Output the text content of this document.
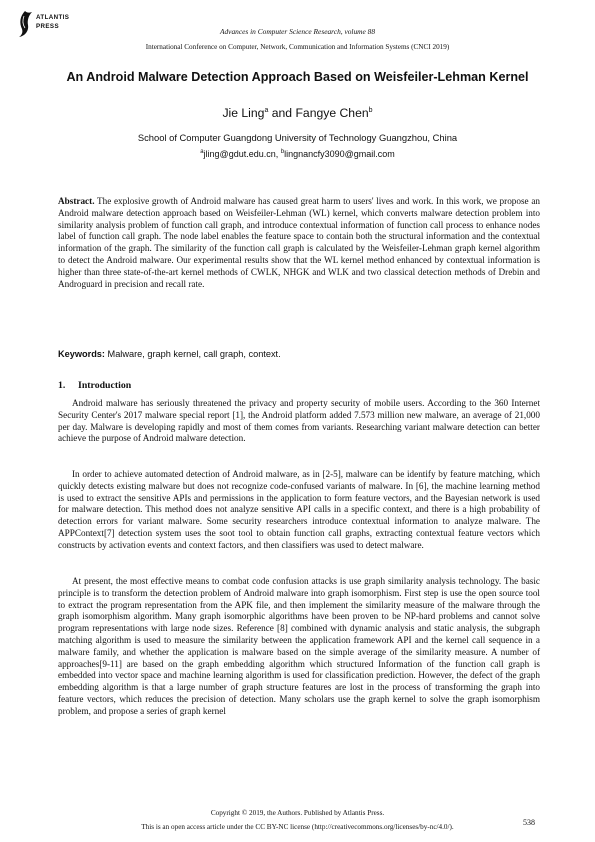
ATLANTIS
PRESS
Advances in Computer Science Research, volume 88
International Conference on Computer, Network, Communication and Information Systems (CNCI 2019)
An Android Malware Detection Approach Based on Weisfeiler-Lehman Kernel
Jie Ling$^a$ and Fangye Chen$^b$
School of Computer Guangdong University of Technology Guangzhou, China
$^a$jling@gdut.edu.cn, $^b$lingnancfy3090@gmail.com

Abstract. The explosive growth of Android malware has caused great harm to users' lives and work. In this work, we propose an Android malware detection approach based on Weisfeiler-Lehman (WL) kernel, which converts malware detection problem into similarity analysis problem of function call graph, and introduce contextual information of function call process to enhance nodes label of function call graph. The node label enables the feature space to contain both the structural information and the contextual information of the graph. The similarity of the function call graph is calculated by the Weisfeiler-Lehman graph kernel algorithm to detect the Android malware. Our experimental results show that the WL kernel method enhanced by contextual information is higher than three state-of-the-art kernel methods of CWLK, NHGK and WLK and two classical detection methods of Drebin and Androguard in precision and recall rate.

Keywords: Malware, graph kernel, call graph, context.
1. Introduction

Android malware has seriously threatened the privacy and property security of mobile users. According to the 360 Internet Security Center's 2017 malware special report [1], the Android platform added 7.573 million new malware, an average of 21,000 per day. Malware is developing rapidly and most of them comes from variants. Researching variant malware detection can better achieve the purpose of Android malware detection.

In order to achieve automated detection of Android malware, as in [2-5], malware can be identify by feature matching, which quickly detects existing malware but does not recognize code-confused variants of malware. In [6], the machine learning method is used to extract the sensitive APIs and permissions in the application to form feature vectors, and the Bayesian network is used for malware detection. This method does not analyze sensitive API calls in a specific context, and there is a high probability of detection errors for variant malware. Some security researchers introduce contextual information to analyze malware. The APPContext[7] detection system uses the soot tool to obtain function call graphs, extracting contextual feature vectors which constructs by activation events and context factors, and then classifiers was used to detect malware.

At present, the most effective means to combat code confusion attacks is use graph similarity analysis technology. The basic principle is to transform the detection problem of Android malware into graph isomorphism. First step is use the open source tool to extract the program representation from the APK file, and then implement the similarity measure of the malware through the graph isomorphism algorithm. Many graph isomorphic algorithms have been proven to be NP-hard problems and cannot solve program representations with large node sizes. Reference [8] combined with dynamic analysis and static analysis, the subgraph matching algorithm is used to measure the similarity between the application framework API and the kernel call sequence in a malware family, and whether the application is malware based on the simple average of the similarity measure. A number of approaches[9-11] are based on the graph embedding algorithm which structured Information of the function call graph is embedded into vector space and machine learning algorithm is used for classification prediction. However, the defect of the graph embedding algorithm is that a large number of graph structure features are lost in the process of transforming the graph into feature vectors, which reduces the precision of detection. Many scholars use the graph kernel to solve the graph isomorphism problem, and propose a series of graph kernel

Copyright © 2019, the Authors. Published by Atlantis Press.
This is an open access article under the CC BY-NC license (http://creativecommons.org/licenses/by-nc/4.0/).	538
